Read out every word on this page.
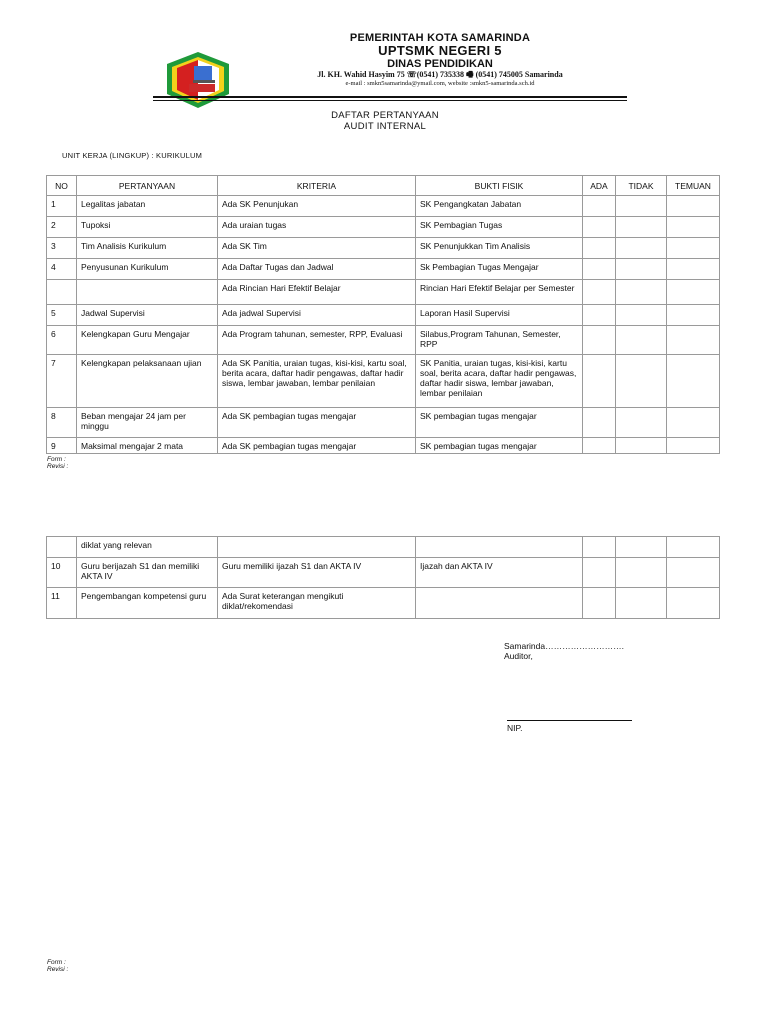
PEMERINTAH KOTA SAMARINDA
UPTSMK NEGERI 5
DINAS PENDIDIKAN
Jl. KH. Wahid Hasyim 75 ☏(0541) 735338 🖷 (0541) 745005 Samarinda
e-mail : smkn5samarinda@ymail.com, website :smkn5-samarinda.sch.id
DAFTAR PERTANYAAN
AUDIT INTERNAL
UNIT KERJA (LINGKUP) : KURIKULUM
NO	PERTANYAAN	KRITERIA	BUKTI FISIK	ADA	TIDAK	TEMUAN
1	Legalitas jabatan	Ada SK Penunjukan	SK Pengangkatan Jabatan			
2	Tupoksi	Ada uraian tugas	SK Pembagian Tugas			
3	Tim Analisis Kurikulum	Ada SK Tim	SK Penunjukkan Tim Analisis			
4	Penyusunan Kurikulum	Ada Daftar Tugas dan Jadwal	Sk Pembagian Tugas Mengajar			
		Ada Rincian Hari Efektif Belajar	Rincian Hari Efektif Belajar per Semester			
5	Jadwal Supervisi	Ada jadwal Supervisi	Laporan Hasil Supervisi			
6	Kelengkapan Guru Mengajar	Ada Program tahunan, semester, RPP, Evaluasi	Silabus,Program Tahunan, Semester, RPP			
7	Kelengkapan pelaksanaan ujian	Ada SK Panitia, uraian tugas, kisi-kisi, kartu soal, berita acara, daftar hadir pengawas, daftar hadir siswa, lembar jawaban, lembar penilaian	SK Panitia, uraian tugas, kisi-kisi, kartu soal, berita acara, daftar hadir pengawas, daftar hadir siswa, lembar jawaban, lembar penilaian			
8	Beban mengajar 24 jam per minggu	Ada SK pembagian tugas mengajar	SK pembagian tugas mengajar			
9	Maksimal mengajar 2 mata	Ada SK pembagian tugas mengajar	SK pembagian tugas mengajar			
Form :
Revisi :
	diklat yang relevan					
10	Guru berijazah S1 dan memiliki AKTA IV	Guru memiliki ijazah S1 dan AKTA IV	Ijazah dan AKTA IV			
11	Pengembangan kompetensi guru	Ada Surat keterangan mengikuti diklat/rekomendasi				
Samarinda……………………….
Auditor,
NIP.
Form :
Revisi :
